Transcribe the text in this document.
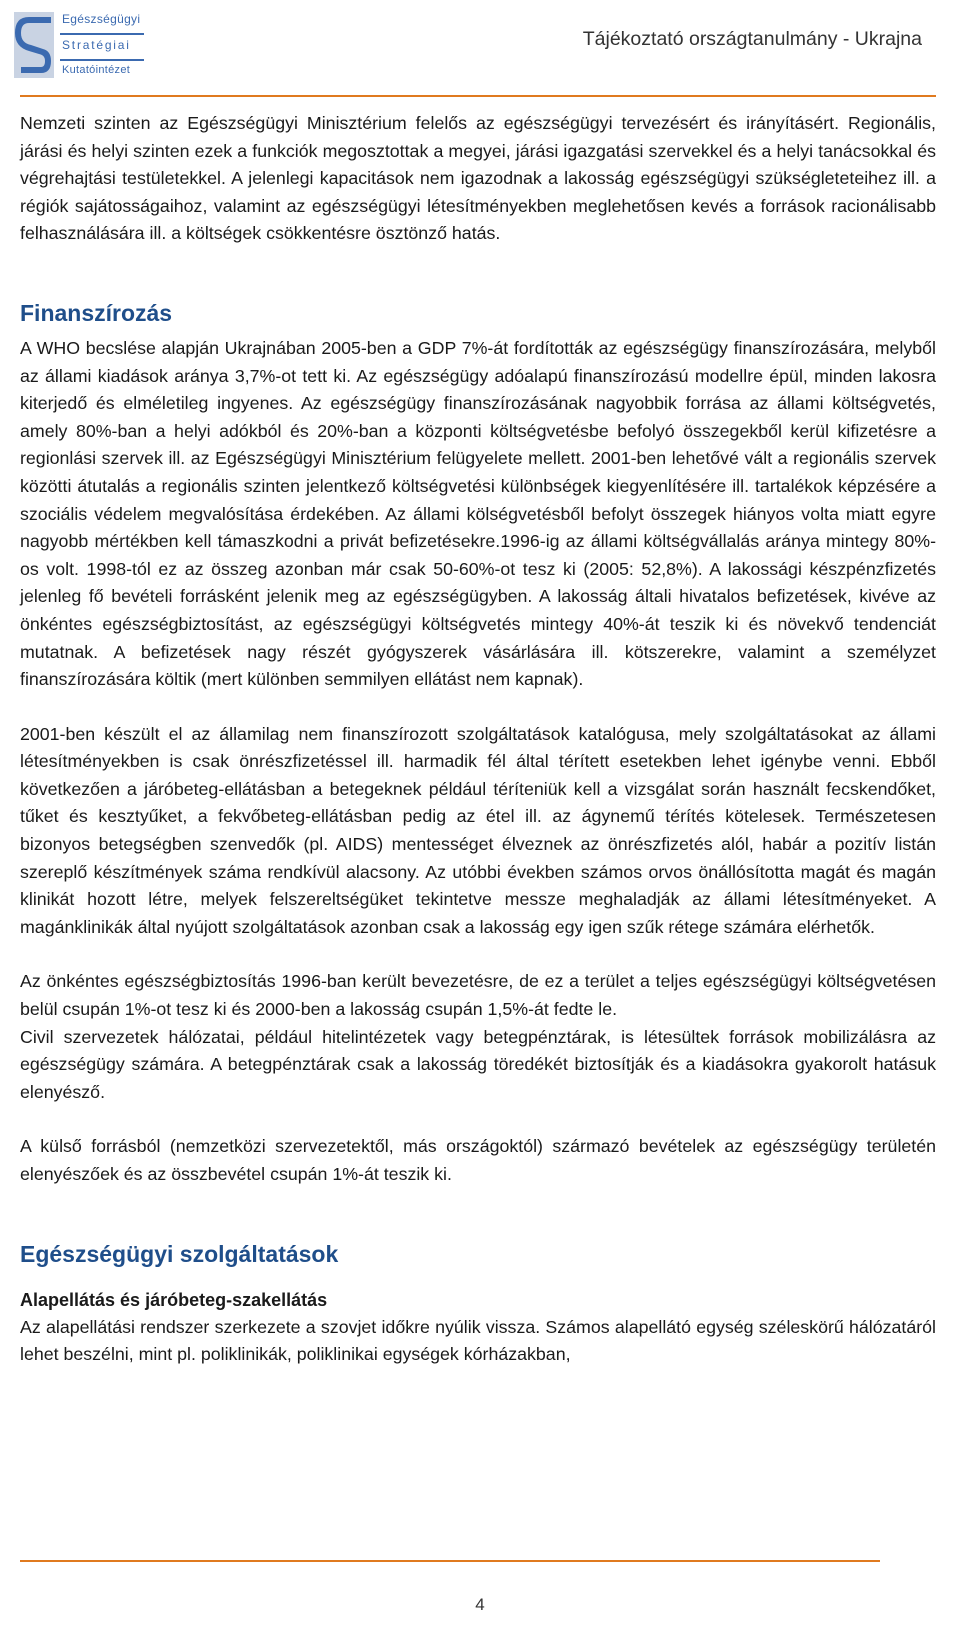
Egészségügyi
Stratégiai
Kutatóintézet
Tájékoztató országtanulmány - Ukrajna

Nemzeti szinten az Egészségügyi Minisztérium felelős az egészségügyi tervezésért és irányításért. Regionális, járási és helyi szinten ezek a funkciók megosztottak a megyei, járási igazgatási szervekkel és a helyi tanácsokkal és végrehajtási testületekkel. A jelenlegi kapacitások nem igazodnak a lakosság egészségügyi szükségleteteihez ill. a régiók sajátosságaihoz, valamint az egészségügyi létesítményekben meglehetősen kevés a források racionálisabb felhasználására ill. a költségek csökkentésre ösztönző hatás.

Finanszírozás

A WHO becslése alapján Ukrajnában 2005-ben a GDP 7%-át fordították az egészségügy finanszírozására, melyből az állami kiadások aránya 3,7%-ot tett ki. Az egészségügy adóalapú finanszírozású modellre épül, minden lakosra kiterjedő és elméletileg ingyenes. Az egészségügy finanszírozásának nagyobbik forrása az állami költségvetés, amely 80%-ban a helyi adókból és 20%-ban a központi költségvetésbe befolyó összegekből kerül kifizetésre a regionlási szervek ill. az Egészségügyi Minisztérium felügyelete mellett. 2001-ben lehetővé vált a regionális szervek közötti átutalás a regionális szinten jelentkező költségvetési különbségek kiegyenlítésére ill. tartalékok képzésére a szociális védelem megvalósítása érdekében. Az állami kölségvetésből befolyt összegek hiányos volta miatt egyre nagyobb mértékben kell támaszkodni a privát befizetésekre.1996-ig az állami költségvállalás aránya mintegy 80%-os volt. 1998-tól ez az összeg azonban már csak 50-60%-ot tesz ki (2005: 52,8%). A lakossági készpénzfizetés jelenleg fő bevételi forrásként jelenik meg az egészségügyben. A lakosság általi hivatalos befizetések, kivéve az önkéntes egészségbiztosítást, az egészségügyi költségvetés mintegy 40%-át teszik ki és növekvő tendenciát mutatnak. A befizetések nagy részét gyógyszerek vásárlására ill. kötszerekre, valamint a személyzet finanszírozására költik (mert különben semmilyen ellátást nem kapnak).

2001-ben készült el az államilag nem finanszírozott szolgáltatások katalógusa, mely szolgáltatásokat az állami létesítményekben is csak önrészfizetéssel ill. harmadik fél által térített esetekben lehet igénybe venni. Ebből következően a járóbeteg-ellátásban a betegeknek például téríteniük kell a vizsgálat során használt fecskendőket, tűket és kesztyűket, a fekvőbeteg-ellátásban pedig az étel ill. az ágynemű térítés kötelesek. Természetesen bizonyos betegségben szenvedők (pl. AIDS) mentességet élveznek az önrészfizetés alól, habár a pozitív listán szereplő készítmények száma rendkívül alacsony. Az utóbbi években számos orvos önállósította magát és magán klinikát hozott létre, melyek felszereltségüket tekintetve messze meghaladják az állami létesítményeket. A magánklinikák által nyújott szolgáltatások azonban csak a lakosság egy igen szűk rétege számára elérhetők.

Az önkéntes egészségbiztosítás 1996-ban került bevezetésre, de ez a terület a teljes egészségügyi költségvetésen belül csupán 1%-ot tesz ki és 2000-ben a lakosság csupán 1,5%-át fedte le.

Civil szervezetek hálózatai, például hitelintézetek vagy betegpénztárak, is létesültek források mobilizálásra az egészségügy számára. A betegpénztárak csak a lakosság töredékét biztosítják és a kiadásokra gyakorolt hatásuk elenyésző.

A külső forrásból (nemzetközi szervezetektől, más országoktól) származó bevételek az egészségügy területén elenyészőek és az összbevétel csupán 1%-át teszik ki.

Egészségügyi szolgáltatások
Alapellátás és járóbeteg-szakellátás

Az alapellátási rendszer szerkezete a szovjet időkre nyúlik vissza. Számos alapellátó egység széleskörű hálózatáról lehet beszélni, mint pl. poliklinikák, poliklinikai egységek kórházakban,

4
